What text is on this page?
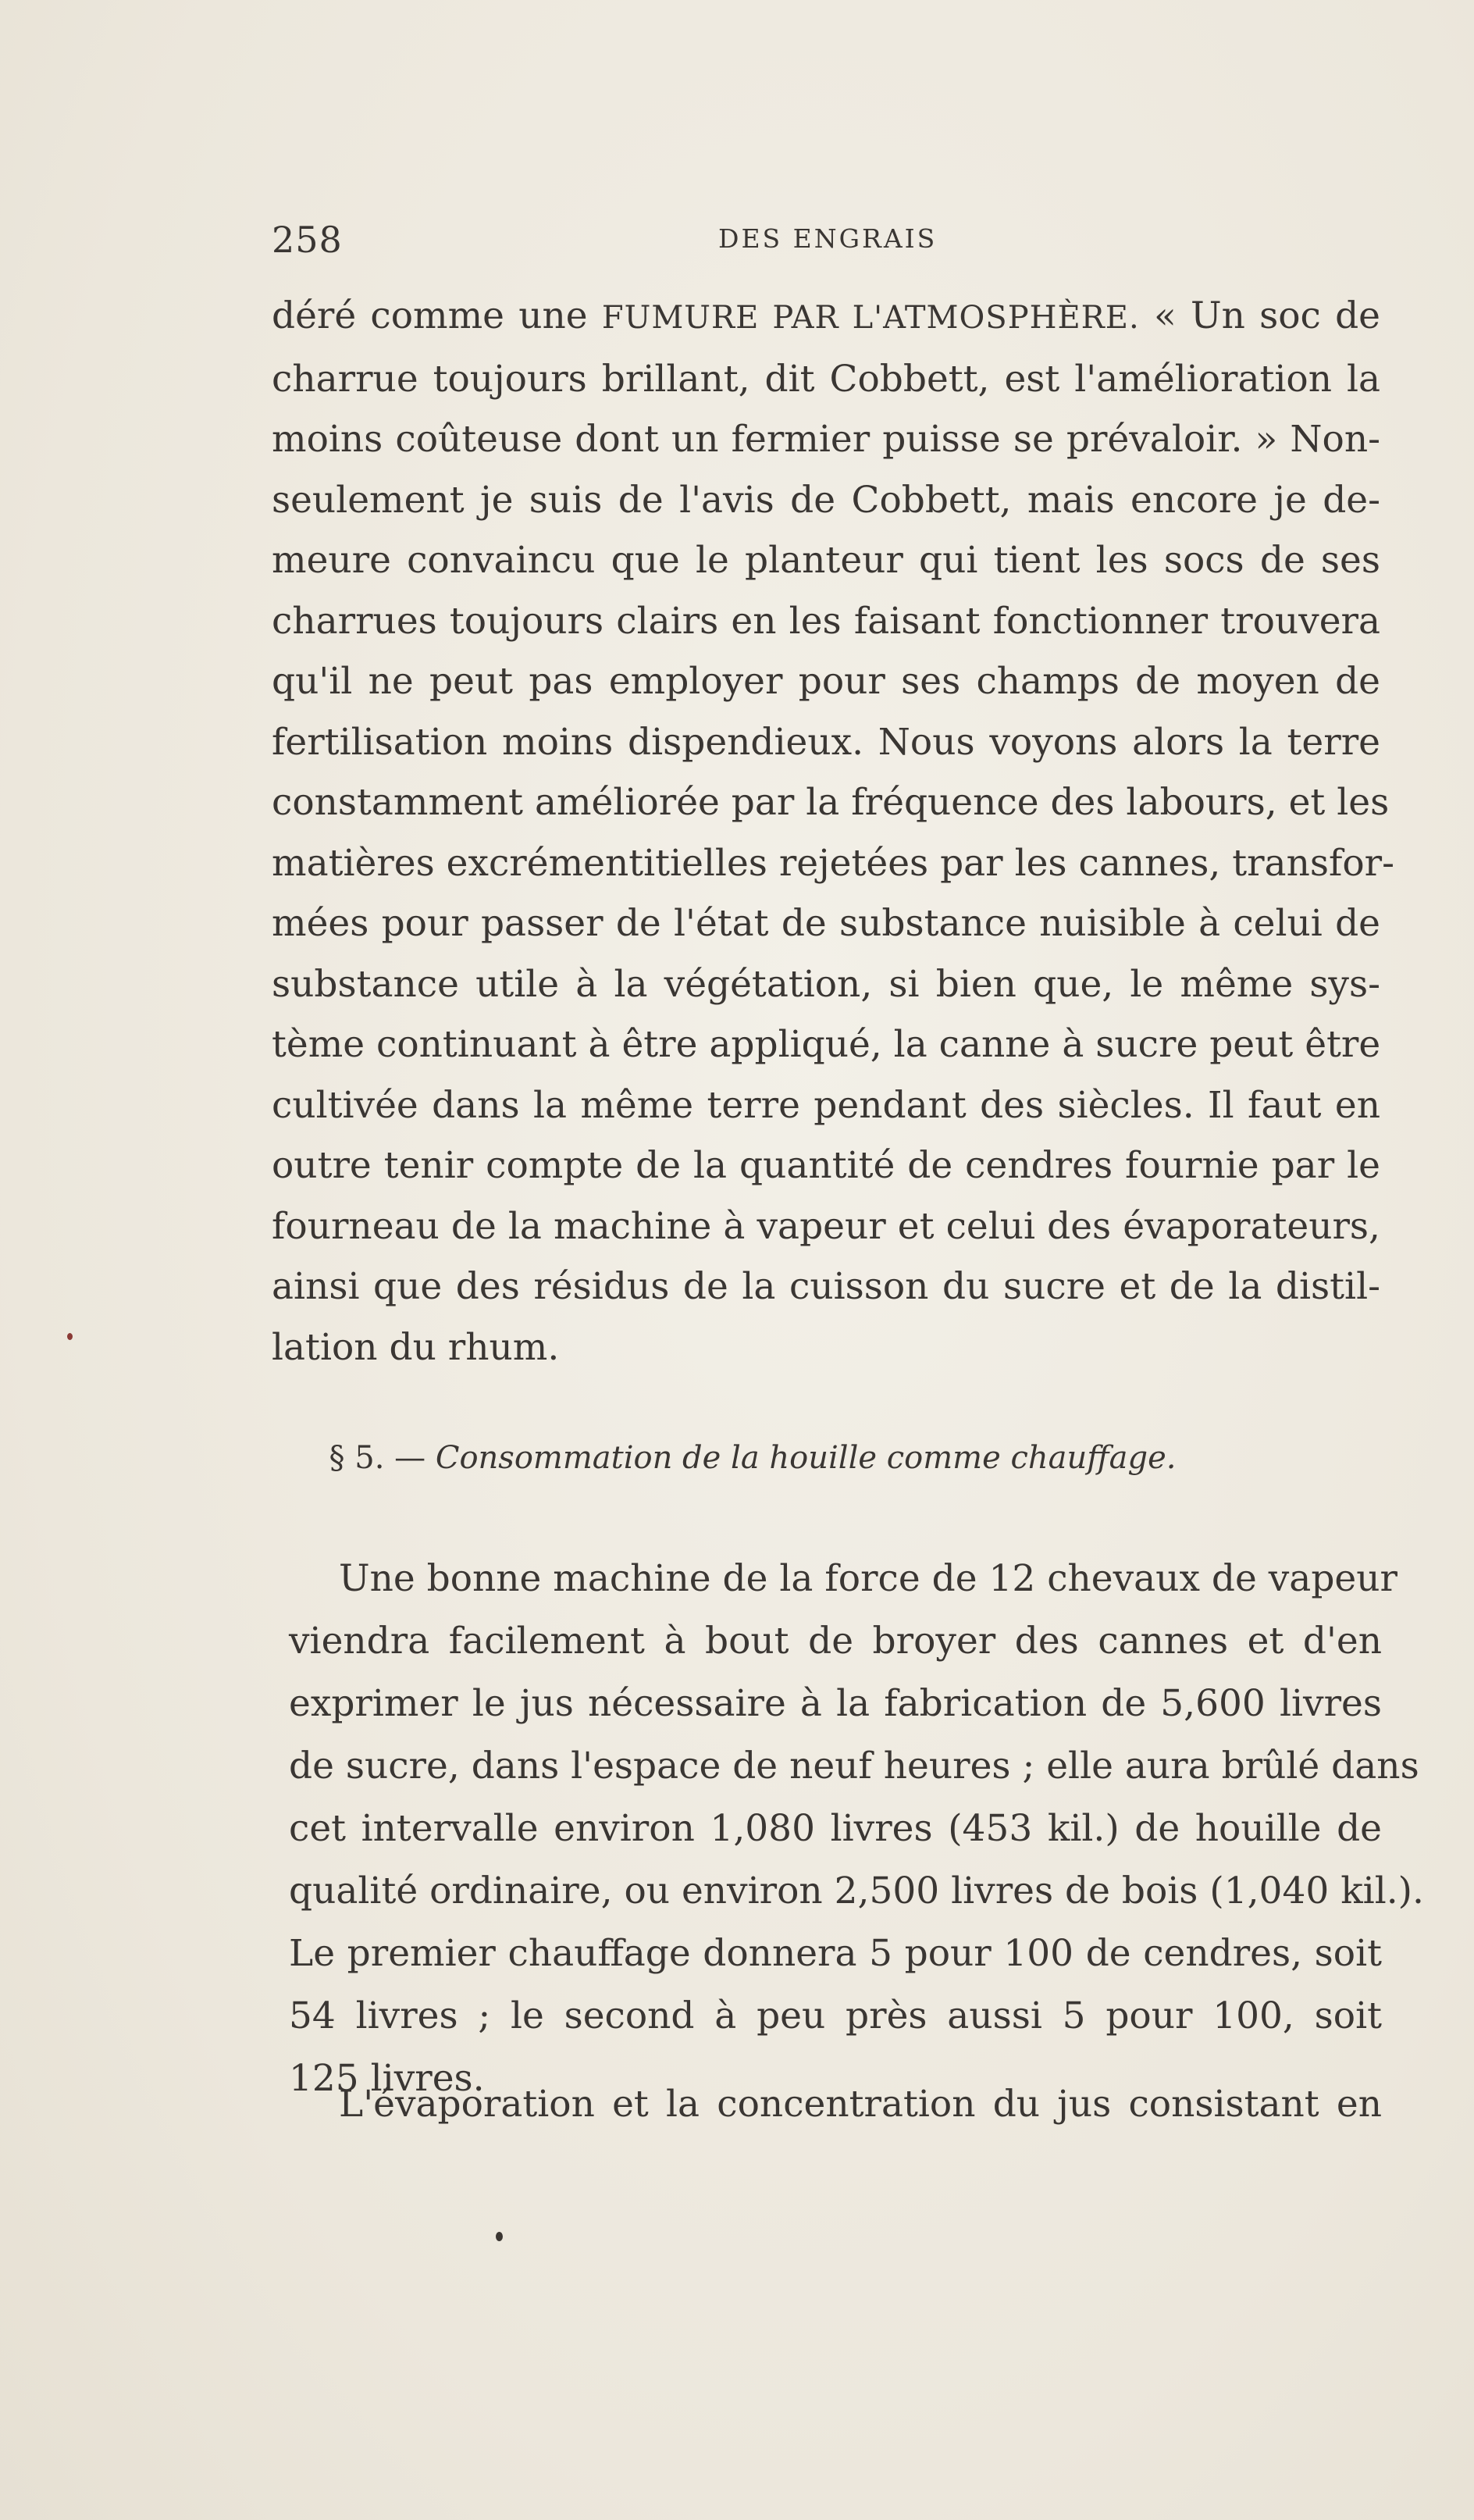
258	DES ENGRAIS
déré comme une FUMURE PAR L'ATMOSPHÈRE. « Un soc de
charrue toujours brillant, dit Cobbett, est l'amélioration la
moins coûteuse dont un fermier puisse se prévaloir. » Non-
seulement je suis de l'avis de Cobbett, mais encore je de-
meure convaincu que le planteur qui tient les socs de ses
charrues toujours clairs en les faisant fonctionner trouvera
qu'il ne peut pas employer pour ses champs de moyen de
fertilisation moins dispendieux. Nous voyons alors la terre
constamment améliorée par la fréquence des labours, et les
matières excrémentitielles rejetées par les cannes, transfor-
mées pour passer de l'état de substance nuisible à celui de
substance utile à la végétation, si bien que, le même sys-
tème continuant à être appliqué, la canne à sucre peut être
cultivée dans la même terre pendant des siècles. Il faut en
outre tenir compte de la quantité de cendres fournie par le
fourneau de la machine à vapeur et celui des évaporateurs,
ainsi que des résidus de la cuisson du sucre et de la distil-
lation du rhum.
§ 5. — Consommation de la houille comme chauffage.
Une bonne machine de la force de 12 chevaux de vapeur
viendra facilement à bout de broyer des cannes et d'en
exprimer le jus nécessaire à la fabrication de 5,600 livres
de sucre, dans l'espace de neuf heures ; elle aura brûlé dans
cet intervalle environ 1,080 livres (453 kil.) de houille de
qualité ordinaire, ou environ 2,500 livres de bois (1,040 kil.).
Le premier chauffage donnera 5 pour 100 de cendres, soit
54 livres ; le second à peu près aussi 5 pour 100, soit
125 livres.
L'évaporation et la concentration du jus consistant en
